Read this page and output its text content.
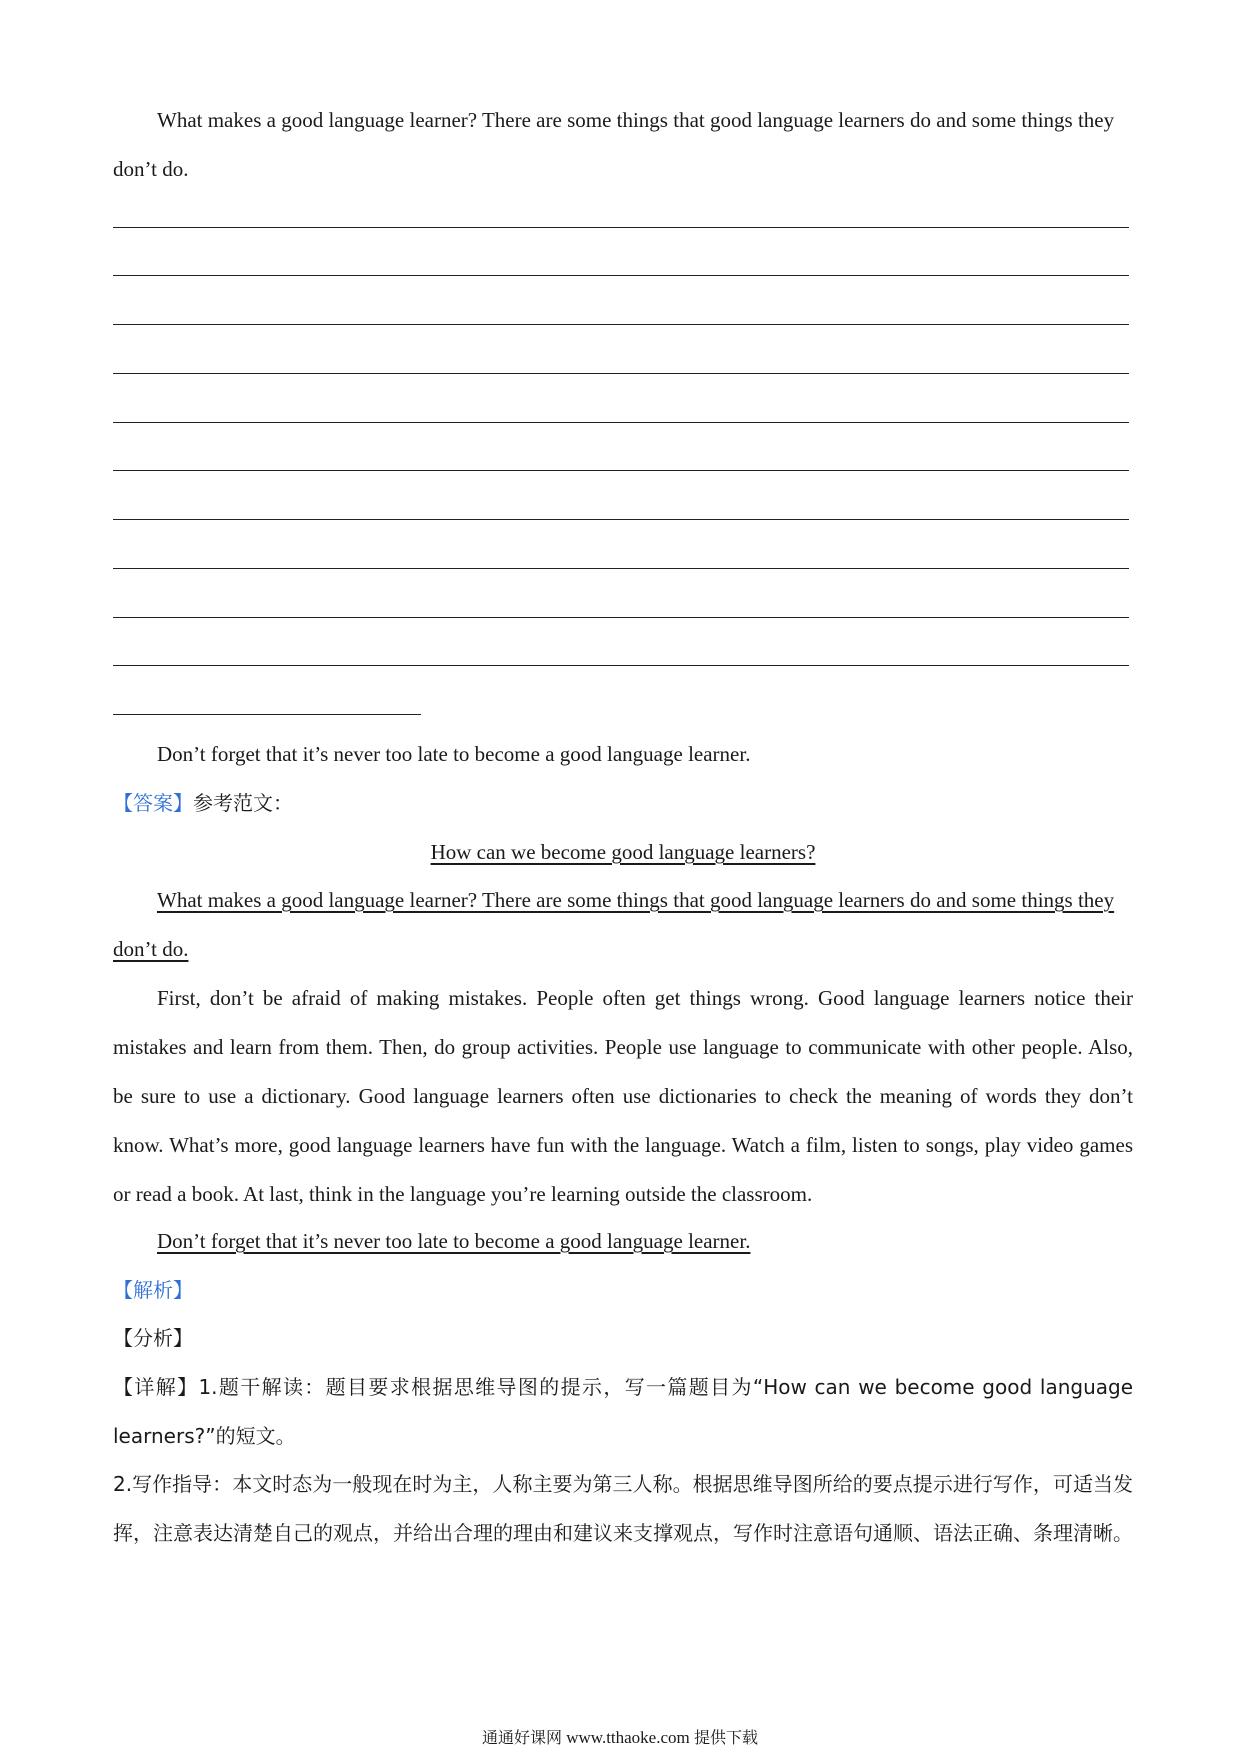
What makes a good language learner? There are some things that good language learners do and some things they don’t do.

Don’t forget that it’s never too late to become a good language learner.

【答案】参考范文：

How can we become good language learners?

What makes a good language learner? There are some things that good language learners do and some things they don’t do.

First, don’t be afraid of making mistakes. People often get things wrong. Good language learners notice their mistakes and learn from them. Then, do group activities. People use language to communicate with other people. Also, be sure to use a dictionary. Good language learners often use dictionaries to check the meaning of words they don’t know. What’s more, good language learners have fun with the language. Watch a film, listen to songs, play video games or read a book. At last, think in the language you’re learning outside the classroom.

Don’t forget that it’s never too late to become a good language learner.

【解析】

【分析】

【详解】1.题干解读：题目要求根据思维导图的提示，写一篇题目为“How can we become good language learners?”的短文。

2.写作指导：本文时态为一般现在时为主，人称主要为第三人称。根据思维导图所给的要点提示进行写作，可适当发挥，注意表达清楚自己的观点，并给出合理的理由和建议来支撑观点，写作时注意语句通顺、语法正确、条理清晰。

通通好课网 www.tthaoke.com 提供下载
